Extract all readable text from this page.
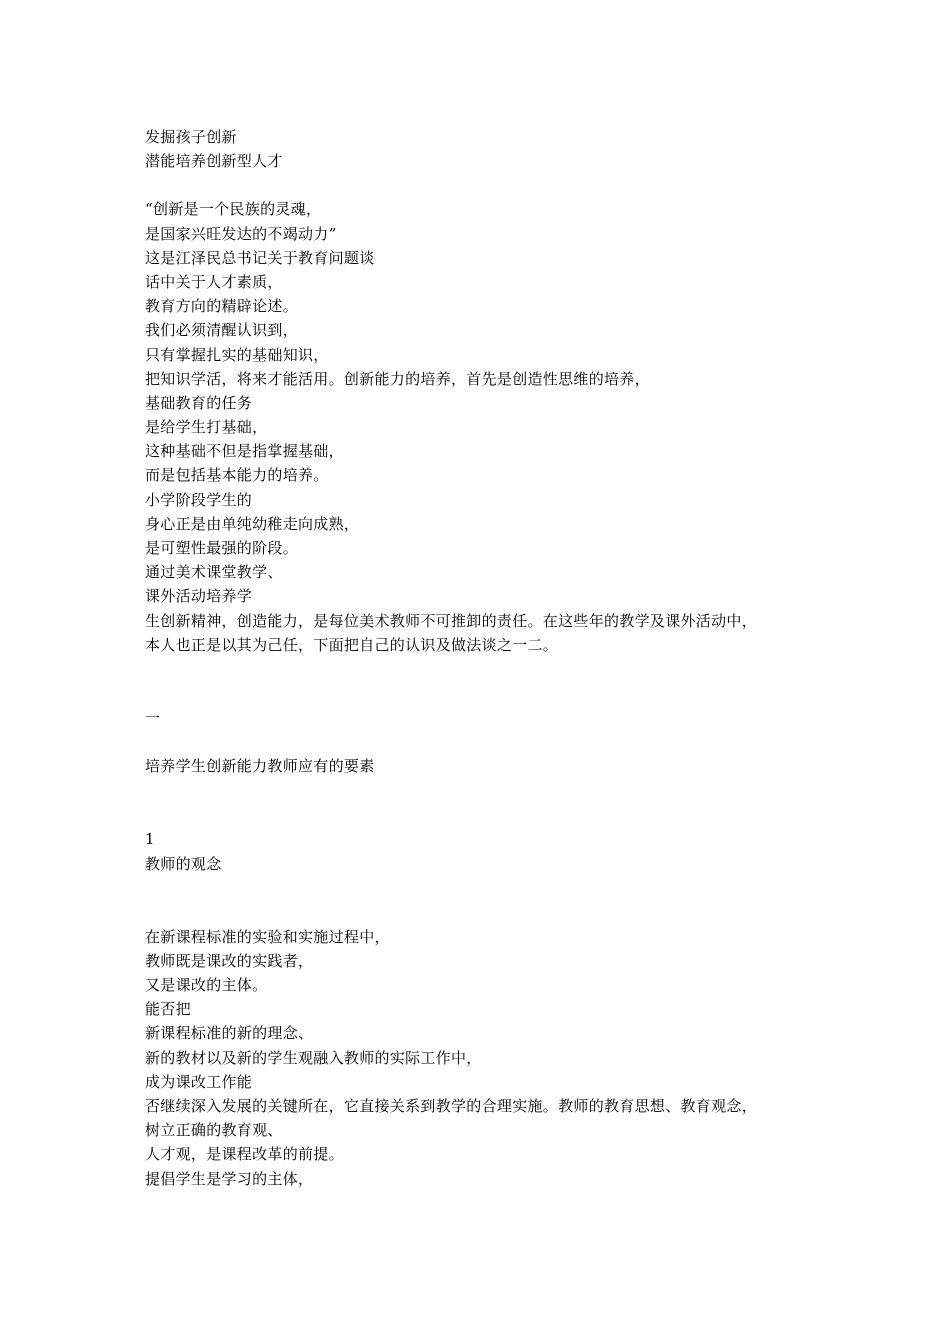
发掘孩子创新
潜能培养创新型人才
“创新是一个民族的灵魂，
是国家兴旺发达的不竭动力”
这是江泽民总书记关于教育问题谈
话中关于人才素质，
教育方向的精辟论述。
我们必须清醒认识到，
只有掌握扎实的基础知识，
把知识学活，将来才能活用。创新能力的培养，首先是创造性思维的培养，
基础教育的任务
是给学生打基础，
这种基础不但是指掌握基础，
而是包括基本能力的培养。
小学阶段学生的
身心正是由单纯幼稚走向成熟，
是可塑性最强的阶段。
通过美术课堂教学、
课外活动培养学
生创新精神，创造能力，是每位美术教师不可推卸的责任。在这些年的教学及课外活动中，
本人也正是以其为己任，下面把自己的认识及做法谈之一二。
一
培养学生创新能力教师应有的要素
1
教师的观念
在新课程标准的实验和实施过程中，
教师既是课改的实践者，
又是课改的主体。
能否把
新课程标准的新的理念、
新的教材以及新的学生观融入教师的实际工作中，
成为课改工作能
否继续深入发展的关键所在，它直接关系到教学的合理实施。教师的教育思想、教育观念，
树立正确的教育观、
人才观，是课程改革的前提。
提倡学生是学习的主体，
